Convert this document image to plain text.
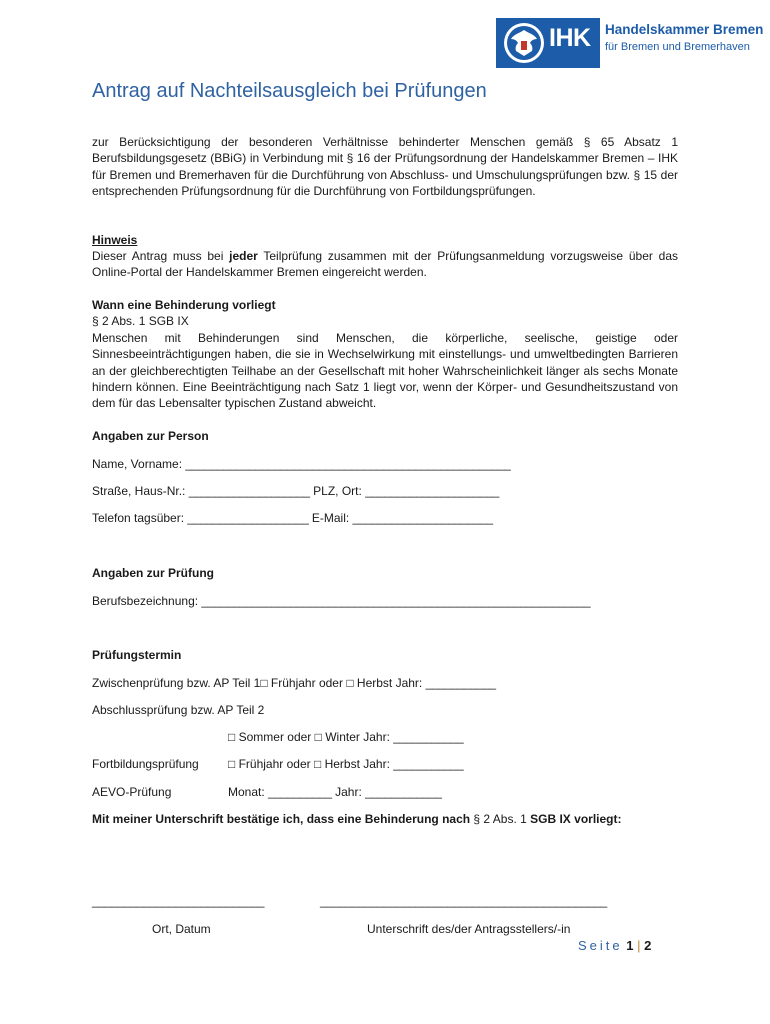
IHK Handelskammer Bremen
für Bremen und Bremerhaven
Antrag auf Nachteilsausgleich bei Prüfungen
zur Berücksichtigung der besonderen Verhältnisse behinderter Menschen gemäß § 65 Absatz 1 Berufsbildungsgesetz (BBiG) in Verbindung mit § 16 der Prüfungsordnung der Handelskammer Bremen – IHK für Bremen und Bremerhaven für die Durchführung von Abschluss- und Umschulungsprüfungen bzw. § 15 der entsprechenden Prüfungsordnung für die Durchführung von Fortbildungsprüfungen.
Hinweis
Dieser Antrag muss bei jeder Teilprüfung zusammen mit der Prüfungsanmeldung vorzugsweise über das Online-Portal der Handelskammer Bremen eingereicht werden.
Wann eine Behinderung vorliegt
§ 2 Abs. 1 SGB IX
Menschen mit Behinderungen sind Menschen, die körperliche, seelische, geistige oder Sinnesbeeinträchtigungen haben, die sie in Wechselwirkung mit einstellungs- und umweltbedingten Barrieren an der gleichberechtigten Teilhabe an der Gesellschaft mit hoher Wahrscheinlichkeit länger als sechs Monate hindern können. Eine Beeinträchtigung nach Satz 1 liegt vor, wenn der Körper- und Gesundheitszustand von dem für das Lebensalter typischen Zustand abweicht.
Angaben zur Person
Name, Vorname: ___________________________________________________
Straße, Haus-Nr.: ___________________ PLZ, Ort: _____________________
Telefon tagsüber: ___________________ E-Mail: ______________________
Angaben zur Prüfung
Berufsbezeichnung: _____________________________________________________________
Prüfungstermin
Zwischenprüfung bzw. AP Teil 1□ Frühjahr oder □ Herbst Jahr: ___________
Abschlussprüfung bzw. AP Teil 2
□ Sommer oder □ Winter Jahr: ___________
Fortbildungsprüfung □ Frühjahr oder □ Herbst Jahr: ___________
AEVO-Prüfung	Monat: __________ Jahr: ____________
Mit meiner Unterschrift bestätige ich, dass eine Behinderung nach § 2 Abs. 1 SGB IX vorliegt:
___________________________	_____________________________________________
Ort, Datum	Unterschrift des/der Antragsstellers/-in
Seite 1 | 2
